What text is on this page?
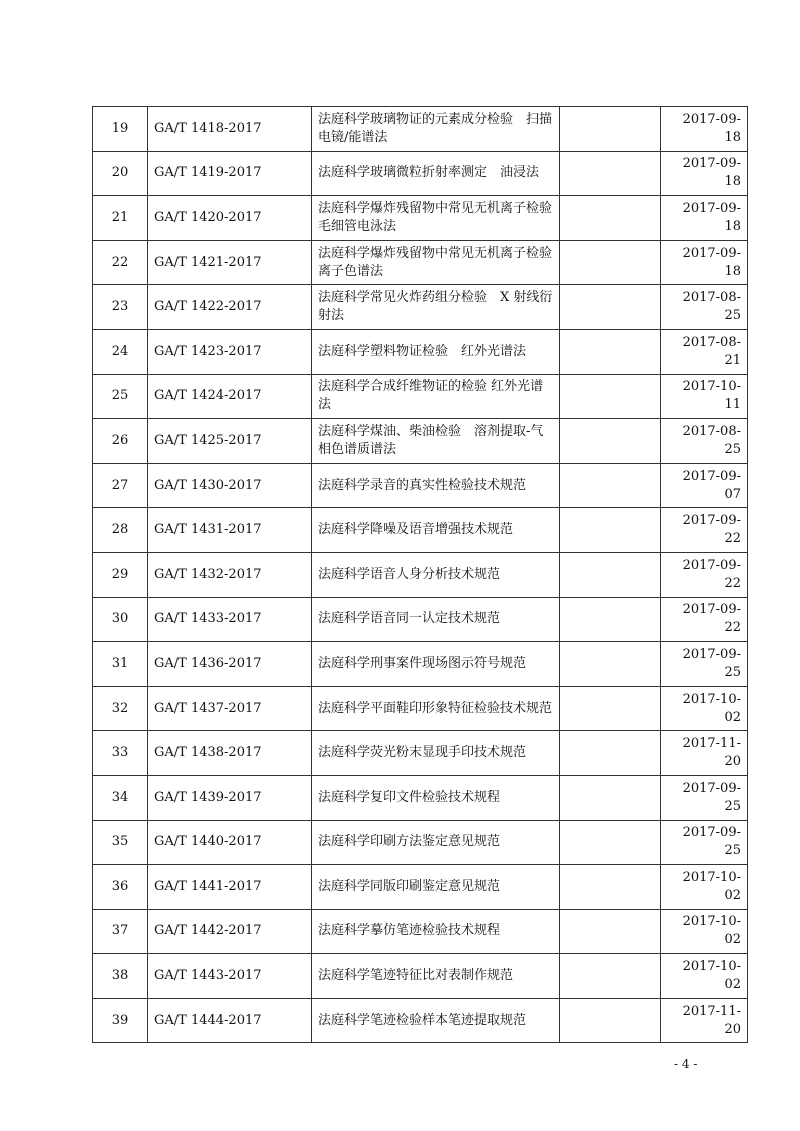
19	GA/T 1418-2017	法庭科学玻璃物证的元素成分检验　扫描电镜/能谱法		2017-09-18
20	GA/T 1419-2017	法庭科学玻璃微粒折射率测定　油浸法		2017-09-18
21	GA/T 1420-2017	法庭科学爆炸残留物中常见无机离子检验 毛细管电泳法		2017-09-18
22	GA/T 1421-2017	法庭科学爆炸残留物中常见无机离子检验　离子色谱法		2017-09-18
23	GA/T 1422-2017	法庭科学常见火炸药组分检验　X 射线衍射法		2017-08-25
24	GA/T 1423-2017	法庭科学塑料物证检验　红外光谱法		2017-08-21
25	GA/T 1424-2017	法庭科学合成纤维物证的检验 红外光谱法		2017-10-11
26	GA/T 1425-2017	法庭科学煤油、柴油检验　溶剂提取-气相色谱质谱法		2017-08-25
27	GA/T 1430-2017	法庭科学录音的真实性检验技术规范		2017-09-07
28	GA/T 1431-2017	法庭科学降噪及语音增强技术规范		2017-09-22
29	GA/T 1432-2017	法庭科学语音人身分析技术规范		2017-09-22
30	GA/T 1433-2017	法庭科学语音同一认定技术规范		2017-09-22
31	GA/T 1436-2017	法庭科学刑事案件现场图示符号规范		2017-09-25
32	GA/T 1437-2017	法庭科学平面鞋印形象特征检验技术规范		2017-10-02
33	GA/T 1438-2017	法庭科学荧光粉末显现手印技术规范		2017-11-20
34	GA/T 1439-2017	法庭科学复印文件检验技术规程		2017-09-25
35	GA/T 1440-2017	法庭科学印刷方法鉴定意见规范		2017-09-25
36	GA/T 1441-2017	法庭科学同版印刷鉴定意见规范		2017-10-02
37	GA/T 1442-2017	法庭科学摹仿笔迹检验技术规程		2017-10-02
38	GA/T 1443-2017	法庭科学笔迹特征比对表制作规范		2017-10-02
39	GA/T 1444-2017	法庭科学笔迹检验样本笔迹提取规范		2017-11-20
- 4 -
